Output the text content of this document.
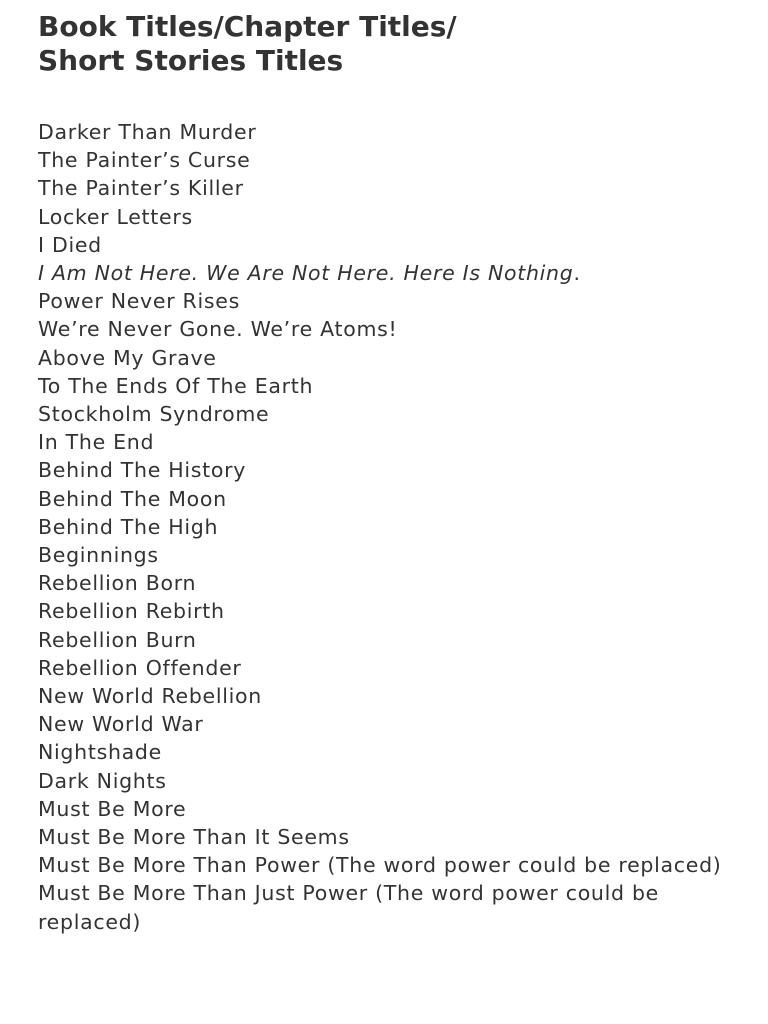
Book Titles/Chapter Titles/
Short Stories Titles
Darker Than Murder
The Painter’s Curse
The Painter’s Killer
Locker Letters
I Died
I Am Not Here. We Are Not Here. Here Is Nothing.
Power Never Rises
We’re Never Gone. We’re Atoms!
Above My Grave
To The Ends Of The Earth
Stockholm Syndrome
In The End
Behind The History
Behind The Moon
Behind The High
Beginnings
Rebellion Born
Rebellion Rebirth
Rebellion Burn
Rebellion Offender
New World Rebellion
New World War
Nightshade
Dark Nights
Must Be More
Must Be More Than It Seems
Must Be More Than Power (The word power could be replaced)
Must Be More Than Just Power (The word power could be replaced)
